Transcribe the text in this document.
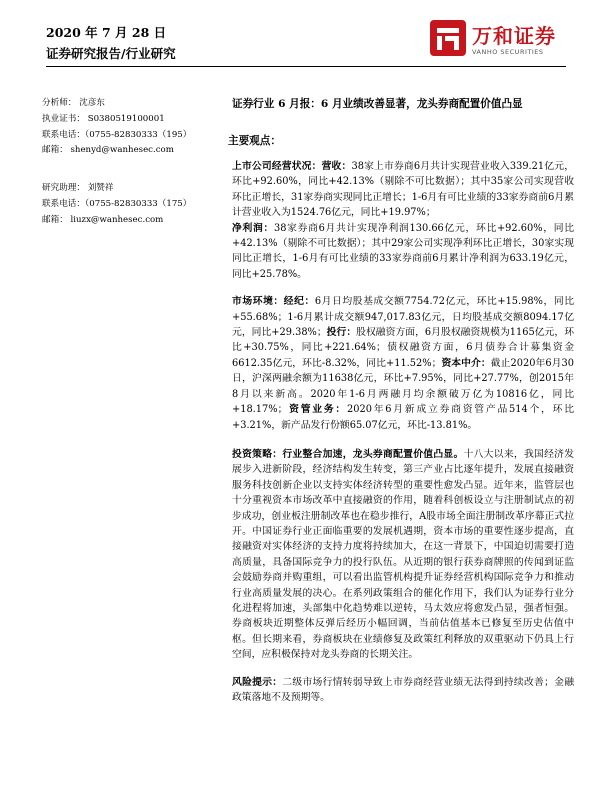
2020 年 7 月 28 日
证券研究报告/行业研究
万和证券
VANHO SECURITIES
分析师： 沈彦东
执业证书： S0380519100001
联系电话：（0755-82830333（195）
邮箱： shenyd@wanhesec.com
研究助理： 刘赞祥
联系电话：（0755-82830333（175）
邮箱： liuzx@wanhesec.com
证券行业 6 月报：6 月业绩改善显著，龙头券商配置价值凸显
主要观点：

上市公司经营状况：营收：38家上市券商6月共计实现营业收入339.21亿元，环比+92.60%，同比+42.13%（剔除不可比数据）；其中35家公司实现营收环比正增长，31家券商实现同比正增长；1-6月有可比业绩的33家券商前6月累计营业收入为1524.76亿元，同比+19.97%；

净利润：38家券商6月共计实现净利润130.66亿元，环比+92.60%，同比+42.13%（剔除不可比数据）；其中29家公司实现净利环比正增长，30家实现同比正增长，1-6月有可比业绩的33家券商前6月累计净利润为633.19亿元，同比+25.78%。

市场环境：经纪：6月日均股基成交额7754.72亿元，环比+15.98%，同比+55.68%；1-6月累计成交额947,017.83亿元，日均股基成交额8094.17亿元，同比+29.38%；投行：股权融资方面，6月股权融资规模为1165亿元，环比+30.75%，同比+221.64%；债权融资方面，6月债券合计募集资金6612.35亿元，环比-8.32%，同比+11.52%；资本中介：截止2020年6月30日，沪深两融余额为11638亿元，环比+7.95%，同比+27.77%，创2015年8月以来新高。2020年1-6月两融月均余额破万亿为10816亿，同比+18.17%；资管业务：2020年6月新成立券商资管产品514个，环比+3.21%，新产品发行份额65.07亿元，环比-13.81%。

投资策略：行业整合加速，龙头券商配置价值凸显。十八大以来，我国经济发展步入进新阶段，经济结构发生转变，第三产业占比逐年提升，发展直接融资服务科技创新企业以支持实体经济转型的重要性愈发凸显。近年来，监管层也十分重视资本市场改革中直接融资的作用，随着科创板设立与注册制试点的初步成功，创业板注册制改革也在稳步推行，A股市场全面注册制改革序幕正式拉开。中国证券行业正面临重要的发展机遇期，资本市场的重要性逐步提高，直接融资对实体经济的支持力度将持续加大，在这一背景下，中国迫切需要打造高质量，具备国际竞争力的投行队伍。从近期的银行获券商牌照的传闻到证监会鼓励券商并购重组，可以看出监管机构提升证券经营机构国际竞争力和推动行业高质量发展的决心。在系列政策组合的催化作用下，我们认为证券行业分化进程将加速，头部集中化趋势难以逆转，马太效应将愈发凸显，强者恒强。券商板块近期整体反弹后经历小幅回调，当前估值基本已修复至历史估值中枢。但长期来看，券商板块在业绩修复及政策红利释放的双重驱动下仍具上行空间，应积极保持对龙头券商的长期关注。

风险提示：二级市场行情转弱导致上市券商经营业绩无法得到持续改善；金融政策落地不及预期等。
